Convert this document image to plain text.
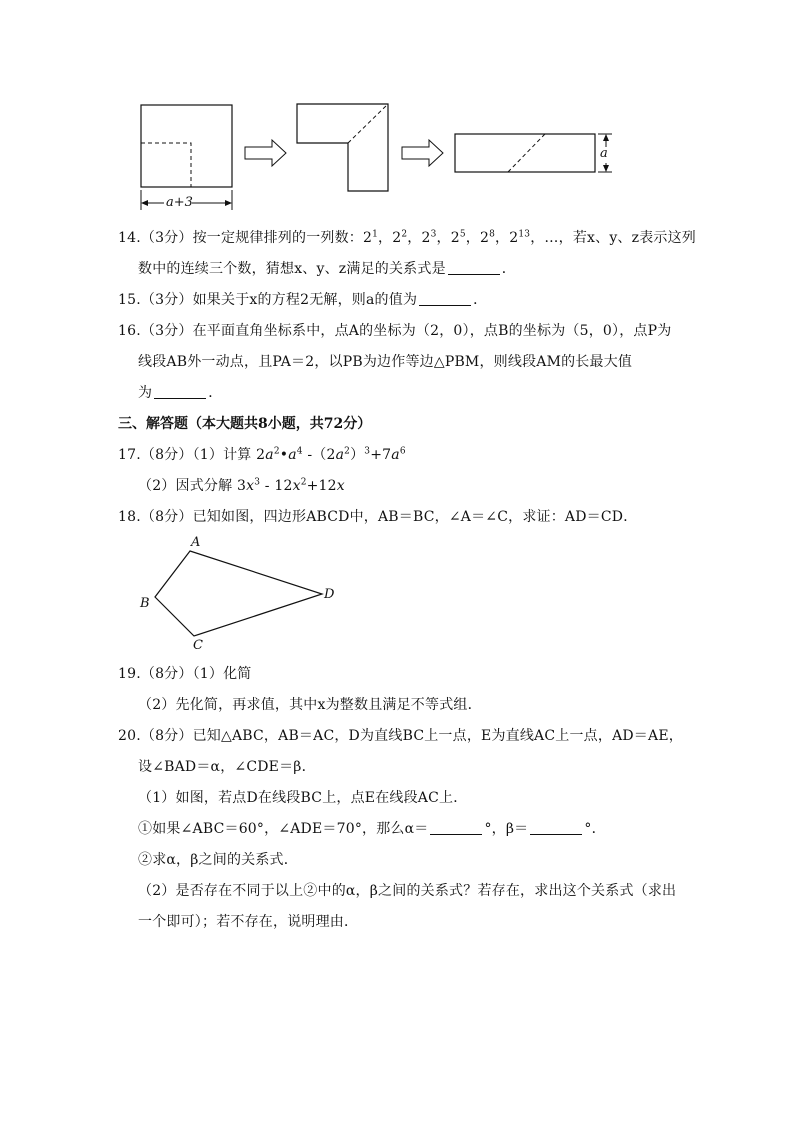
a+3
a
14.（3分）按一定规律排列的一列数：$2^1$，$2^2$，$2^3$，$2^5$，$2^8$，$2^{13}$，…，若x、y、z表示这列
数中的连续三个数，猜想x、y、z满足的关系式是	．
15.（3分）如果关于x的方程2无解，则a的值为	．
16.（3分）在平面直角坐标系中，点A的坐标为（2，0），点B的坐标为（5，0），点P为
线段AB外一动点，且PA＝2，以PB为边作等边△PBM，则线段AM的长最大值
为	．
三、解答题（本大题共8小题，共72分）
17.（8分）（1）计算 $2a^2•a^4$ $-(2a^2)^3+7a^6$
（2）因式分解 $3x^3 - 12x^2+12x$
18.（8分）已知如图，四边形ABCD中，AB＝BC，∠A＝∠C，求证：AD＝CD．
A
B
C
D
19.（8分）（1）化简
（2）先化简，再求值，其中x为整数且满足不等式组．
20.（8分）已知△ABC，AB＝AC，D为直线BC上一点，E为直线AC上一点，AD＝AE，
设∠BAD＝α，∠CDE＝β．
（1）如图，若点D在线段BC上，点E在线段AC上．
①如果∠ABC＝60°，∠ADE＝70°，那么α＝	°，β＝	°．
②求α，β之间的关系式．
（2）是否存在不同于以上②中的α，β之间的关系式？若存在，求出这个关系式（求出
一个即可）；若不存在，说明理由．
